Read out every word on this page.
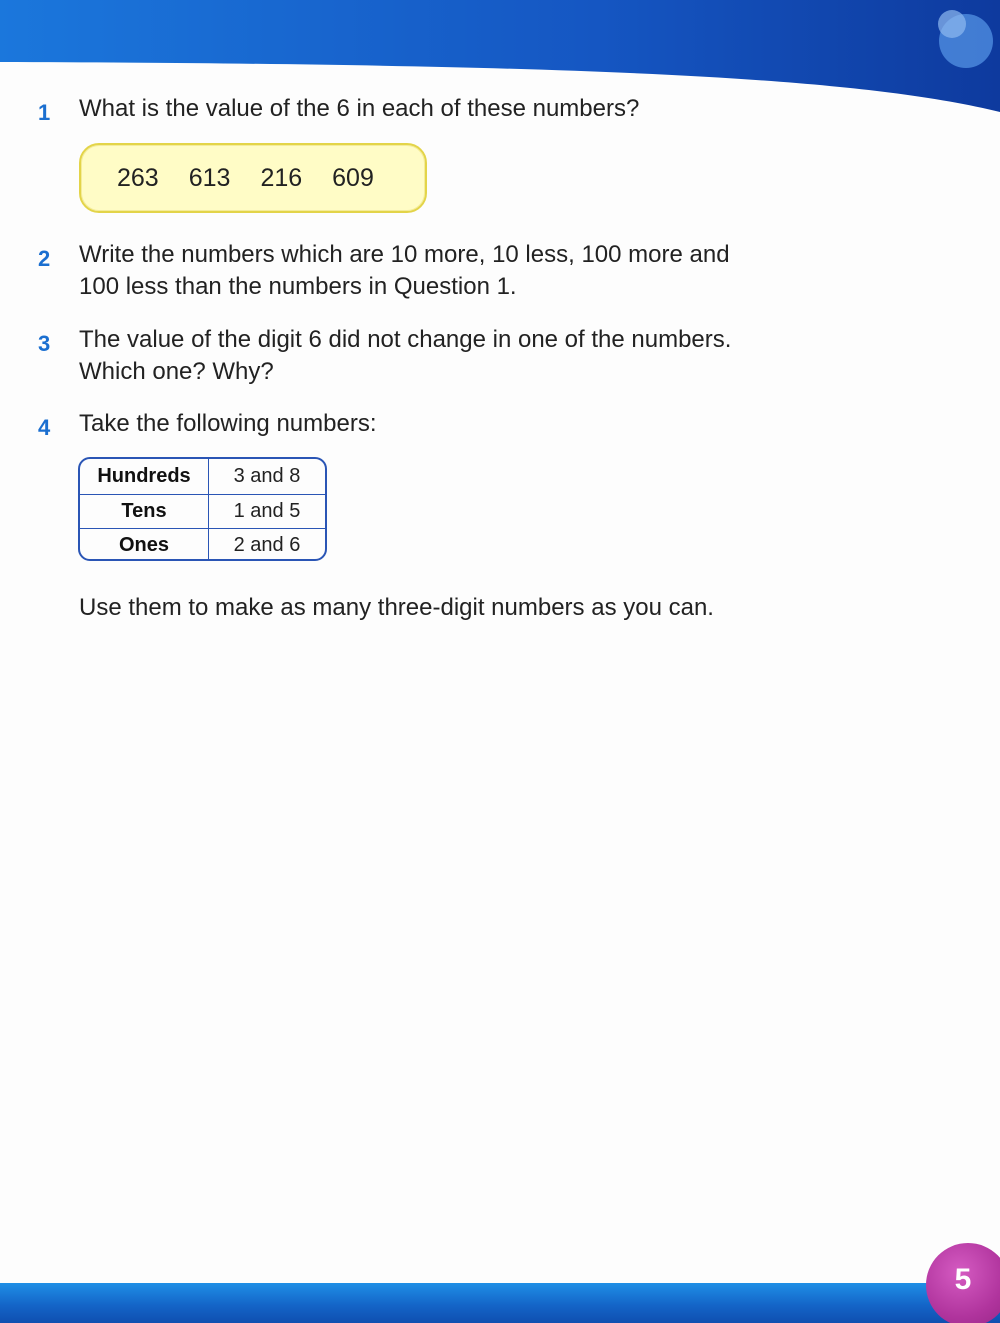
1	What is the value of the 6 in each of these numbers?
263 613 216 609
2	Write the numbers which are 10 more, 10 less, 100 more and
100 less than the numbers in Question 1.
3	The value of the digit 6 did not change in one of the numbers.
Which one? Why?
4	Take the following numbers:
Hundreds	3 and 8
Tens	1 and 5
Ones	2 and 6
Use them to make as many three-digit numbers as you can.
5
